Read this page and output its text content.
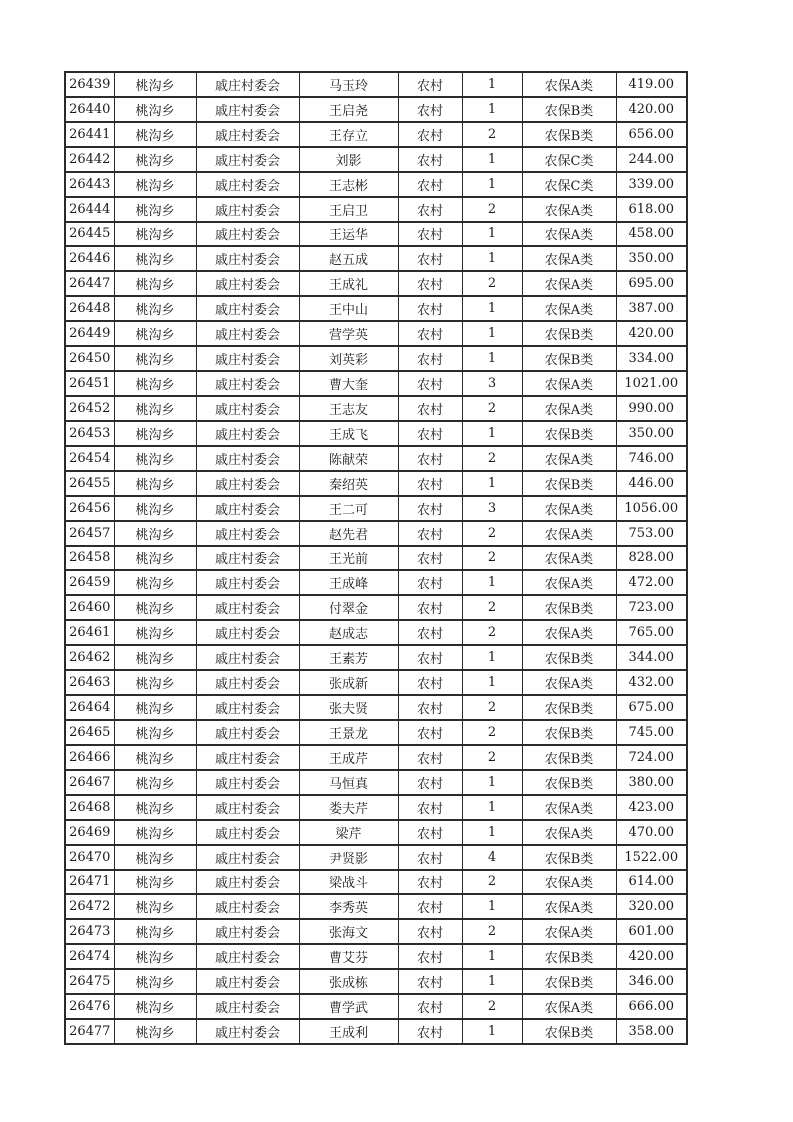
26439	桃沟乡	戚庄村委会	马玉玲	农村	1	农保A类	419.00
26440	桃沟乡	戚庄村委会	王启尧	农村	1	农保B类	420.00
26441	桃沟乡	戚庄村委会	王存立	农村	2	农保B类	656.00
26442	桃沟乡	戚庄村委会	刘影	农村	1	农保C类	244.00
26443	桃沟乡	戚庄村委会	王志彬	农村	1	农保C类	339.00
26444	桃沟乡	戚庄村委会	王启卫	农村	2	农保A类	618.00
26445	桃沟乡	戚庄村委会	王运华	农村	1	农保A类	458.00
26446	桃沟乡	戚庄村委会	赵五成	农村	1	农保A类	350.00
26447	桃沟乡	戚庄村委会	王成礼	农村	2	农保A类	695.00
26448	桃沟乡	戚庄村委会	王中山	农村	1	农保A类	387.00
26449	桃沟乡	戚庄村委会	营学英	农村	1	农保B类	420.00
26450	桃沟乡	戚庄村委会	刘英彩	农村	1	农保B类	334.00
26451	桃沟乡	戚庄村委会	曹大奎	农村	3	农保A类	1021.00
26452	桃沟乡	戚庄村委会	王志友	农村	2	农保A类	990.00
26453	桃沟乡	戚庄村委会	王成飞	农村	1	农保B类	350.00
26454	桃沟乡	戚庄村委会	陈献荣	农村	2	农保A类	746.00
26455	桃沟乡	戚庄村委会	秦绍英	农村	1	农保B类	446.00
26456	桃沟乡	戚庄村委会	王二可	农村	3	农保A类	1056.00
26457	桃沟乡	戚庄村委会	赵先君	农村	2	农保A类	753.00
26458	桃沟乡	戚庄村委会	王光前	农村	2	农保A类	828.00
26459	桃沟乡	戚庄村委会	王成峰	农村	1	农保A类	472.00
26460	桃沟乡	戚庄村委会	付翠金	农村	2	农保B类	723.00
26461	桃沟乡	戚庄村委会	赵成志	农村	2	农保A类	765.00
26462	桃沟乡	戚庄村委会	王素芳	农村	1	农保B类	344.00
26463	桃沟乡	戚庄村委会	张成新	农村	1	农保A类	432.00
26464	桃沟乡	戚庄村委会	张夫贤	农村	2	农保B类	675.00
26465	桃沟乡	戚庄村委会	王景龙	农村	2	农保B类	745.00
26466	桃沟乡	戚庄村委会	王成芹	农村	2	农保B类	724.00
26467	桃沟乡	戚庄村委会	马恒真	农村	1	农保B类	380.00
26468	桃沟乡	戚庄村委会	娄夫芹	农村	1	农保A类	423.00
26469	桃沟乡	戚庄村委会	梁芹	农村	1	农保A类	470.00
26470	桃沟乡	戚庄村委会	尹贤影	农村	4	农保B类	1522.00
26471	桃沟乡	戚庄村委会	梁战斗	农村	2	农保A类	614.00
26472	桃沟乡	戚庄村委会	李秀英	农村	1	农保A类	320.00
26473	桃沟乡	戚庄村委会	张海文	农村	2	农保A类	601.00
26474	桃沟乡	戚庄村委会	曹艾芬	农村	1	农保B类	420.00
26475	桃沟乡	戚庄村委会	张成栋	农村	1	农保B类	346.00
26476	桃沟乡	戚庄村委会	曹学武	农村	2	农保A类	666.00
26477	桃沟乡	戚庄村委会	王成利	农村	1	农保B类	358.00
